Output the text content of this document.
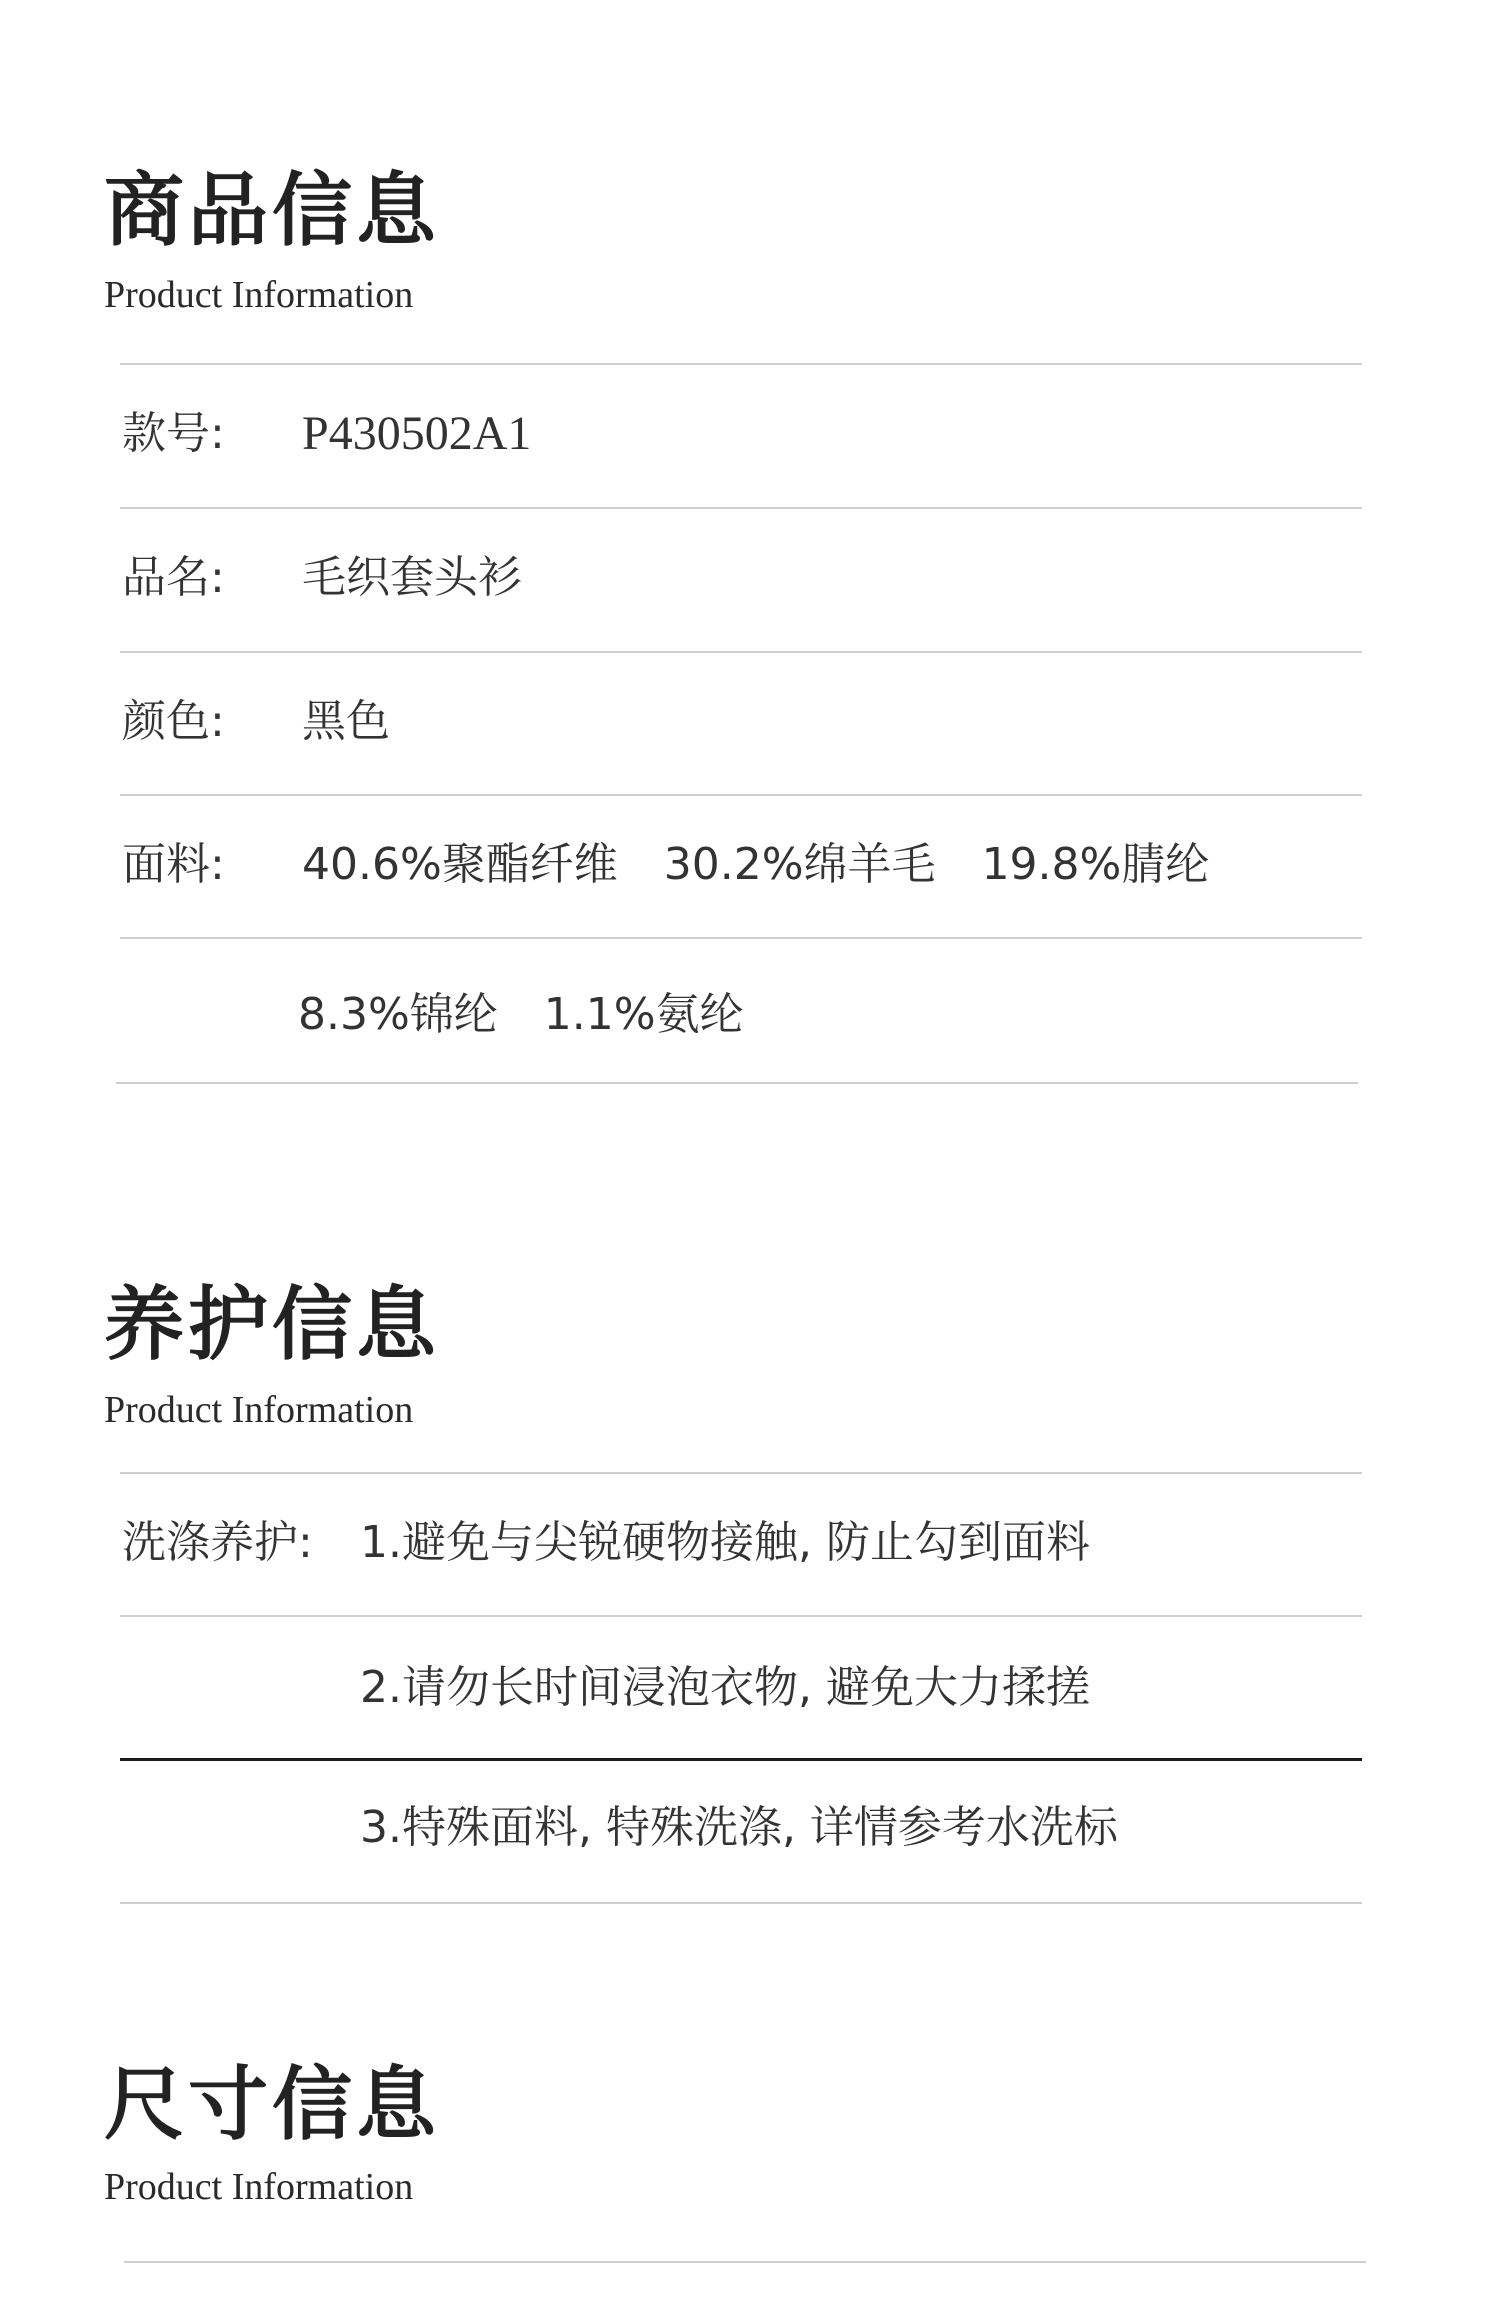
商品信息

Product Information

款号: P430502A1
品名: 毛织套头衫
颜色: 黑色
面料: 40.6%聚酯纤维 30.2%绵羊毛 19.8%腈纶
8.3%锦纶 1.1%氨纶
养护信息

Product Information

洗涤养护: 1.避免与尖锐硬物接触, 防止勾到面料
2.请勿长时间浸泡衣物, 避免大力揉搓
3.特殊面料, 特殊洗涤, 详情参考水洗标
尺寸信息

Product Information
